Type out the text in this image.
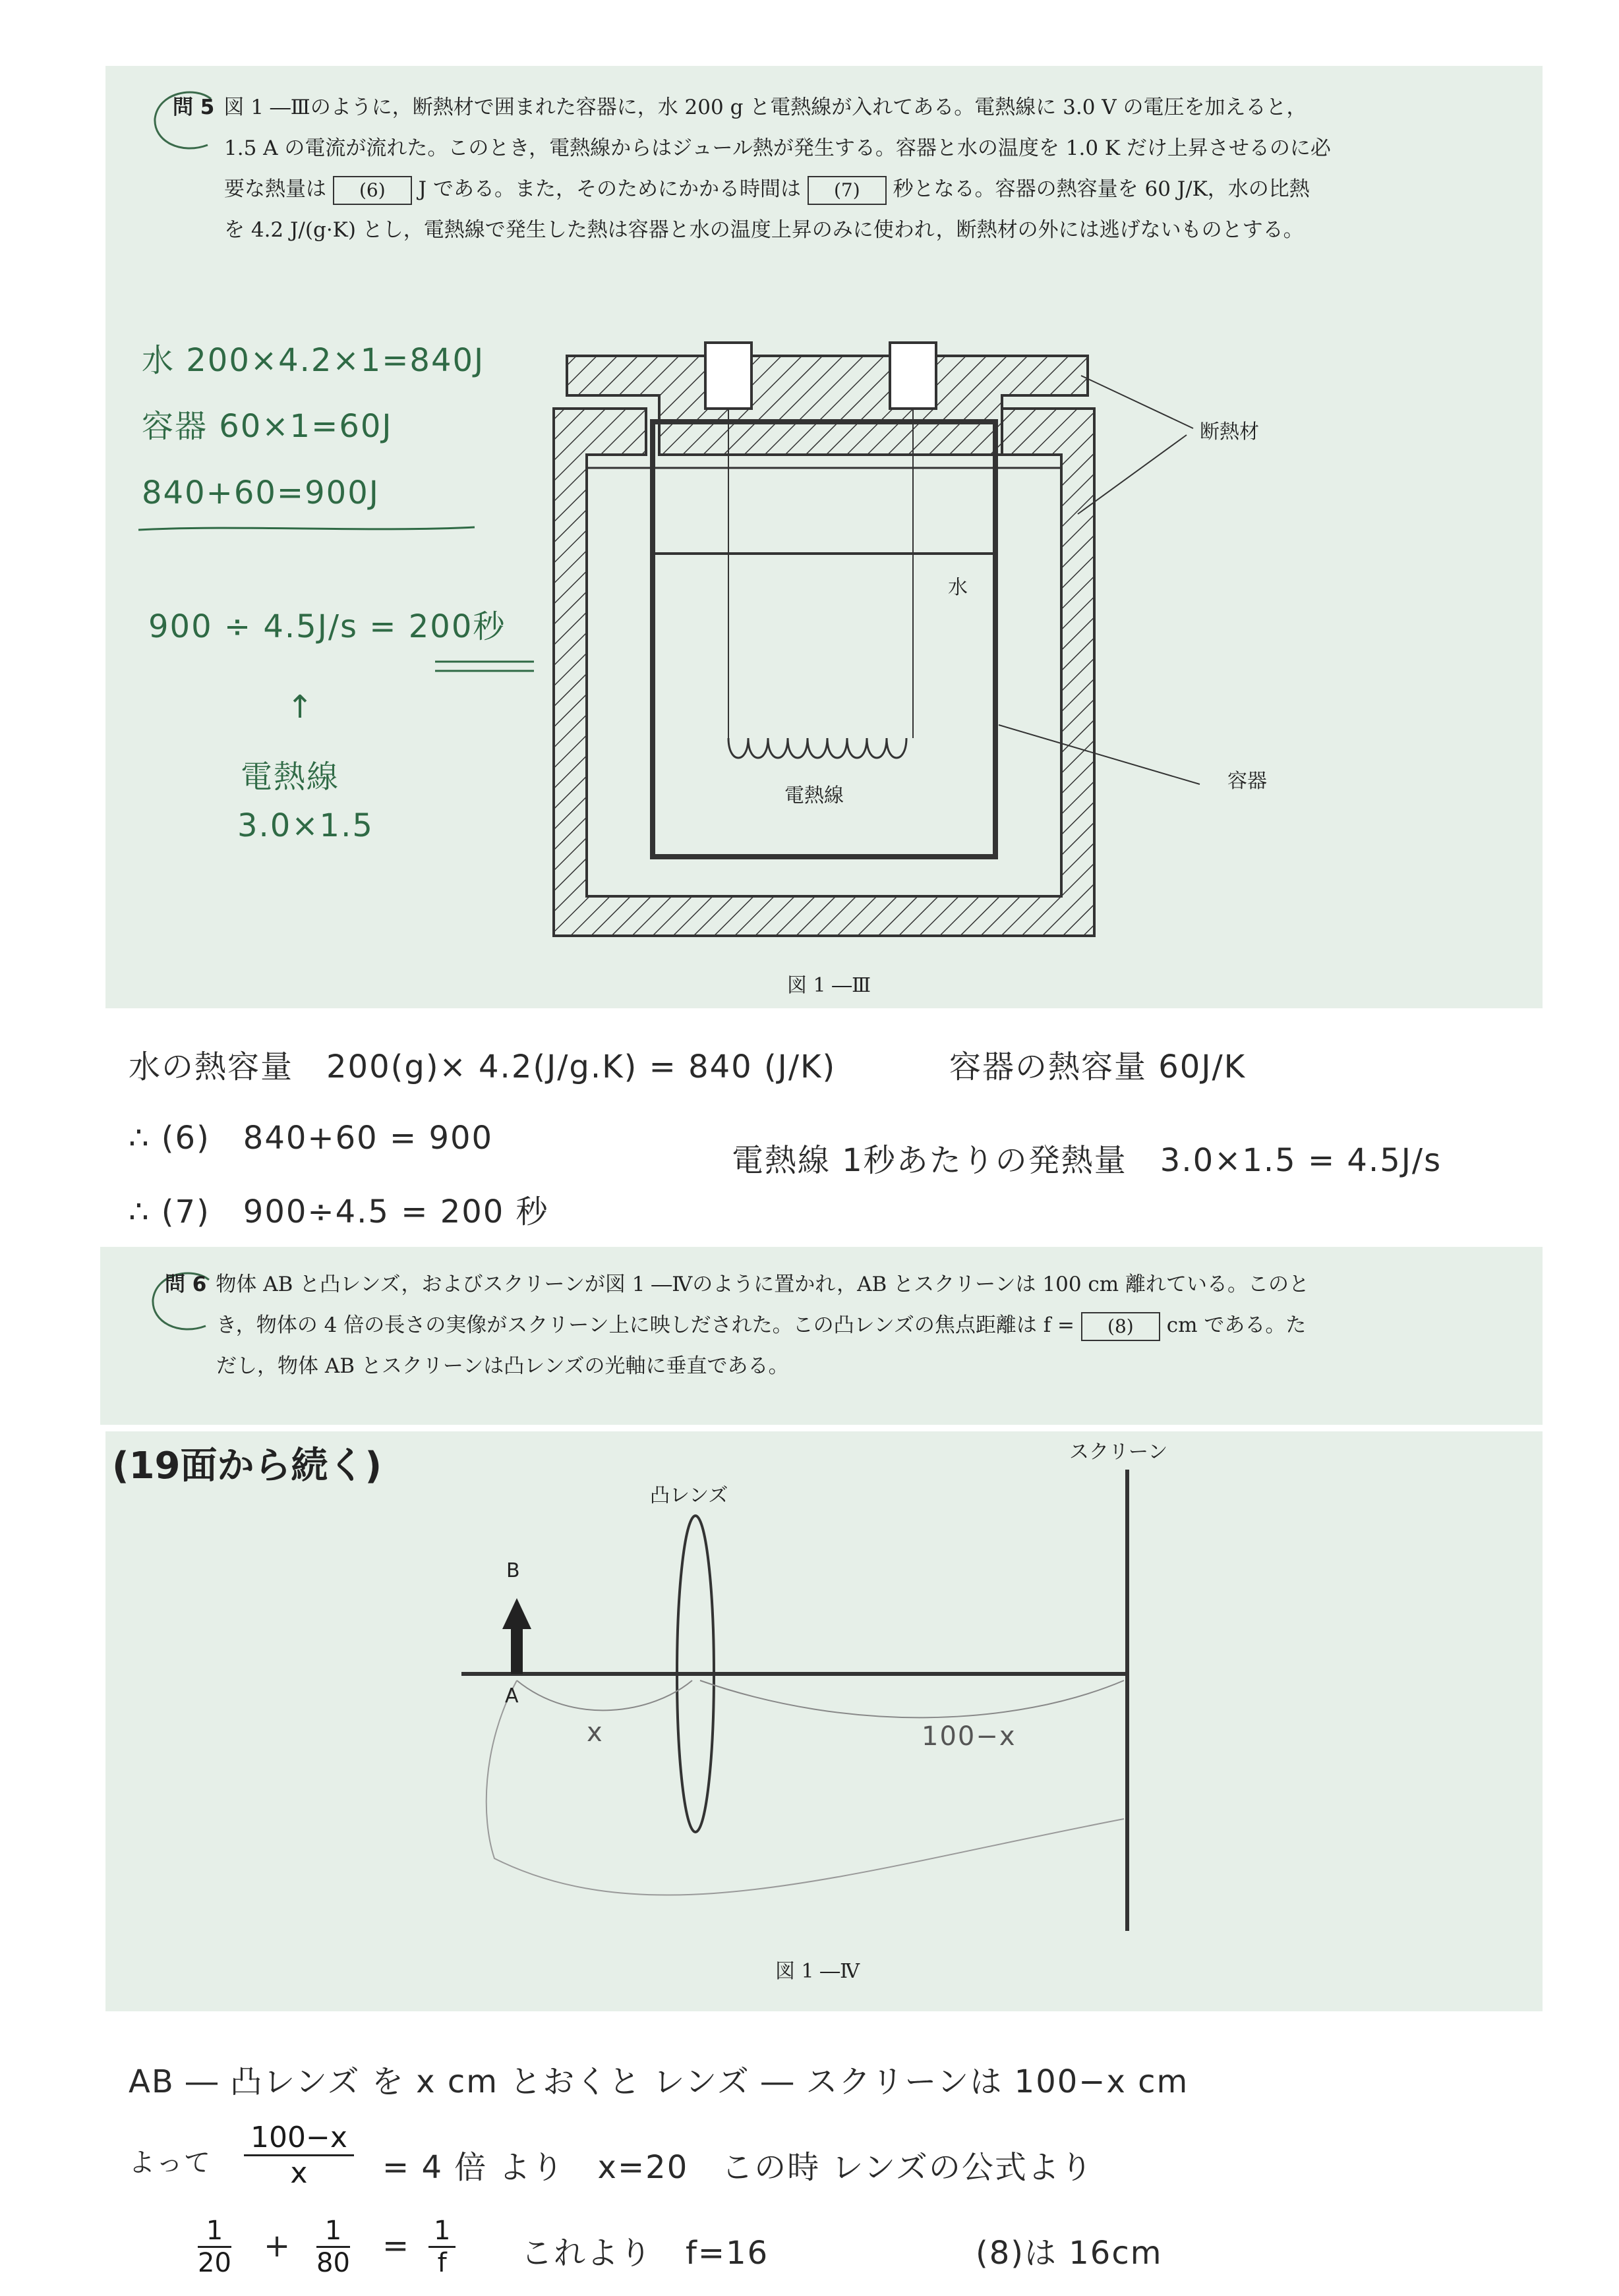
問 5 図 1 ―Ⅲのように，断熱材で囲まれた容器に，水 200 g と電熱線が入れてある。電熱線に 3.0 V の電圧を加えると，
1.5 A の電流が流れた。このとき，電熱線からはジュール熱が発生する。容器と水の温度を 1.0 K だけ上昇させるのに必
要な熱量は (6) J である。また，そのためにかかる時間は (7) 秒となる。容器の熱容量を 60 J/K，水の比熱
を 4.2 J/(g·K) とし，電熱線で発生した熱は容器と水の温度上昇のみに使われ，断熱材の外には逃げないものとする。
断熱材
水
電熱線
容器
図 1 ―Ⅲ
水 200×4.2×1=840J
容器 60×1=60J
840+60=900J
900 ÷ 4.5J/s = 200秒
↑
電熱線
3.0×1.5
水の熱容量　200(g)× 4.2(J/g.K) = 840 (J/K)	容器の熱容量 60J/K
∴ (6)　840+60 = 900
電熱線 1秒あたりの発熱量　3.0×1.5 = 4.5J/s
∴ (7)　900÷4.5 = 200 秒
問 6 物体 AB と凸レンズ，およびスクリーンが図 1 ―Ⅳのように置かれ，AB とスクリーンは 100 cm 離れている。このと
き，物体の 4 倍の長さの実像がスクリーン上に映しだされた。この凸レンズの焦点距離は f = (8) cm である。た
だし，物体 AB とスクリーンは凸レンズの光軸に垂直である。
(19面から続く)	スクリーン
凸レンズ
B
A
x	100−x
図 1 ―Ⅳ
AB ― 凸レンズ を x cm とおくと レンズ ― スクリーンは 100−x cm
よって $\frac{100-x}{x} = 4$ 倍 より　x=20　この時 レンズの公式より
$\frac{1}{20} + \frac{1}{80} = \frac{1}{f}$ これより　f=16	(8)は 16cm
